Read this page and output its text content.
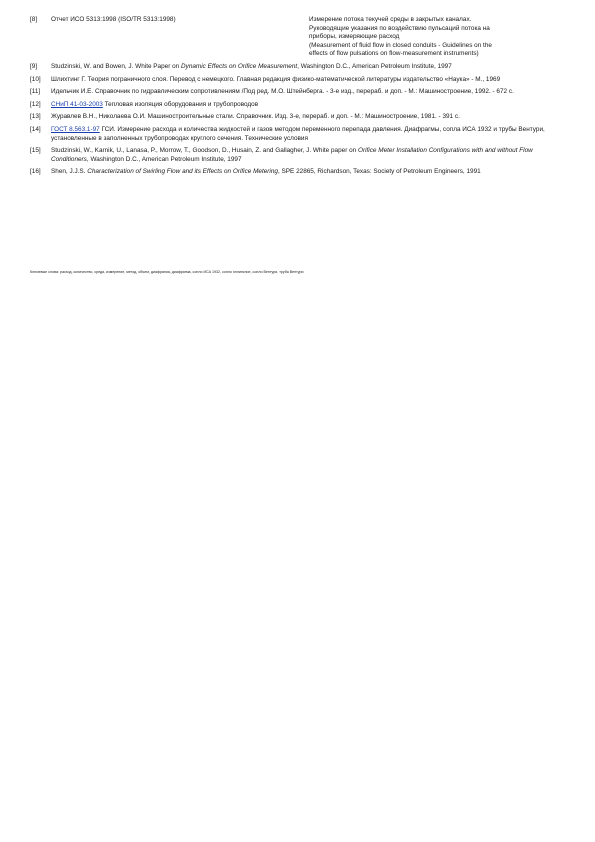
[8]	Отчет ИСО 5313:1998 (ISO/TR 5313:1998)	Измерение потока текучей среды в закрытых каналах.
Руководящие указания по воздействию пульсаций потока на
приборы, измеряющие расход
(Measurement of fluid flow in closed conduits - Guidelines on the
effects of flow pulsations on flow-measurement instruments)
[9]	Studzinski, W. and Bowen, J. White Paper on Dynamic Effects on Orifice Measurement, Washington D.C., American Petroleum Institute, 1997
[10]	Шлихтинг Г. Теория пограничного слоя. Перевод с немецкого. Главная редакция физико-математической литературы издательство «Наука» - М., 1969
[11]	Идельчик И.Е. Справочник по гидравлическим сопротивлениям /Под ред. М.О. Штейнберга. - 3-е изд., перераб. и доп. - М.: Машиностроение, 1992. - 672 с.
[12]	СНиП 41-03-2003 Тепловая изоляция оборудования и трубопроводов
[13]	Журавлев В.Н., Николаева О.И. Машиностроительные стали. Справочник. Изд. 3-е, перераб. и доп. - М.: Машиностроение, 1981. - 391 с.
[14]	ГОСТ 8.563.1-97 ГСИ. Измерение расхода и количества жидкостей и газов методом переменного перепада давления. Диафрагмы, сопла ИСА 1932 и трубы Вентури, установленные в заполненных трубопроводах круглого сечения. Технические условия
[15]	Studzinski, W., Karnik, U., Lanasa, P., Morrow, T., Goodson, D., Husain, Z. and Gallagher, J. White paper on Orifice Meter Installation Configurations with and without Flow Conditioners, Washington D.C., American Petroleum Institute, 1997
[16]	Shen, J.J.S. Characterization of Swirling Flow and its Effects on Orifice Metering, SPE 22865, Richardson, Texas: Society of Petroleum Engineers, 1991
Ключевые слова: расход, количество, среда, измерение, метод, объем, диафрагма, диафрагма, сопло ИСА 1932, сопло эллипсное, сопло Вентури, труба Вентури
